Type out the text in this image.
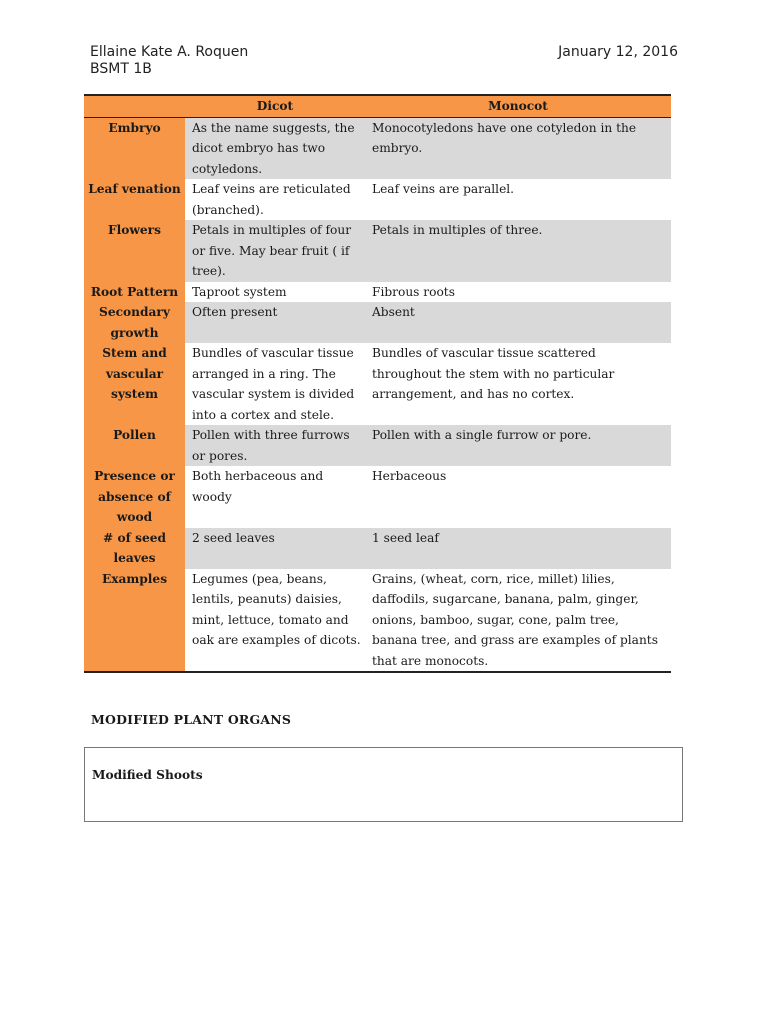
Ellaine Kate A. Roquen
BSMT 1B
January 12, 2016
	Dicot	Monocot
Embryo	As the name suggests, the dicot embryo has two cotyledons.	Monocotyledons have one cotyledon in the embryo.
Leaf venation	Leaf veins are reticulated (branched).	Leaf veins are parallel.
Flowers	Petals in multiples of four or five. May bear fruit ( if tree).	Petals in multiples of three.
Root Pattern	Taproot system	Fibrous roots
Secondary growth	Often present	Absent
Stem and vascular system	Bundles of vascular tissue arranged in a ring. The vascular system is divided into a cortex and stele.	Bundles of vascular tissue scattered throughout the stem with no particular arrangement, and has no cortex.
Pollen	Pollen with three furrows or pores.	Pollen with a single furrow or pore.
Presence or absence of wood	Both herbaceous and woody	Herbaceous
# of seed leaves	2 seed leaves	1 seed leaf
Examples	Legumes (pea, beans, lentils, peanuts) daisies, mint, lettuce, tomato and oak are examples of dicots.	Grains, (wheat, corn, rice, millet) lilies, daffodils, sugarcane, banana, palm, ginger, onions, bamboo, sugar, cone, palm tree, banana tree, and grass are examples of plants that are monocots.
MODIFIED PLANT ORGANS
Modified Shoots
